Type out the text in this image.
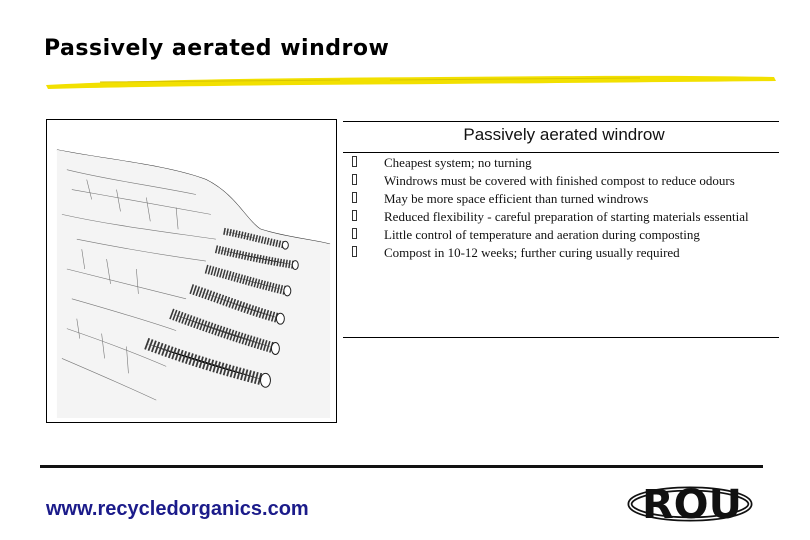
Passively aerated windrow
Passively aerated windrow
Cheapest system; no turning
Windrows must be covered with finished compost to reduce odours
May be more space efficient than turned windrows
Reduced flexibility - careful preparation of starting materials essential
Little control of temperature and aeration during composting
Compost in 10-12 weeks; further curing usually required
www.recycledorganics.com	ROU
